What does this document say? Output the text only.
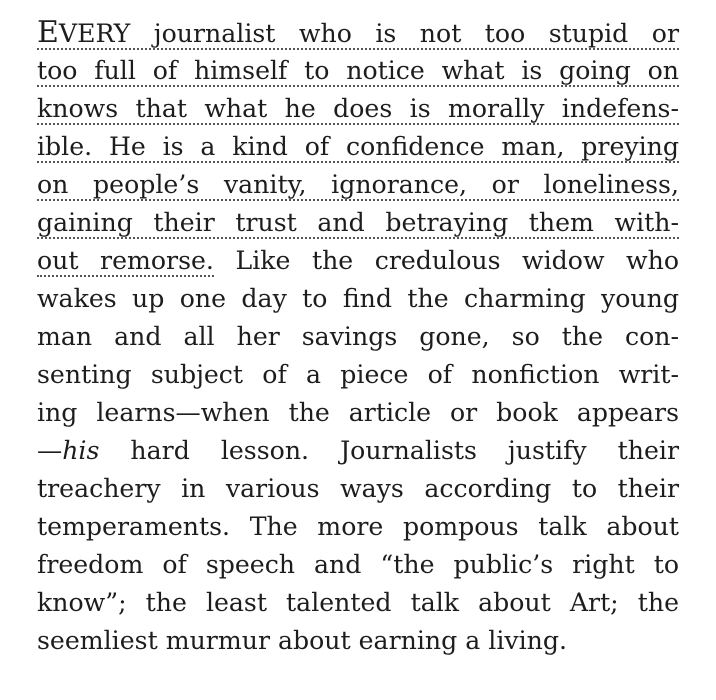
EVERY journalist who is not too stupid or
too full of himself to notice what is going on
knows that what he does is morally indefens-
ible. He is a kind of confidence man, preying
on people’s vanity, ignorance, or loneliness,
gaining their trust and betraying them with-
out remorse. Like the credulous widow who
wakes up one day to find the charming young
man and all her savings gone, so the con-
senting subject of a piece of nonfiction writ-
ing learns—when the article or book appears
—his hard lesson. Journalists justify their
treachery in various ways according to their
temperaments. The more pompous talk about
freedom of speech and “the public’s right to
know”; the least talented talk about Art; the
seemliest murmur about earning a living.
